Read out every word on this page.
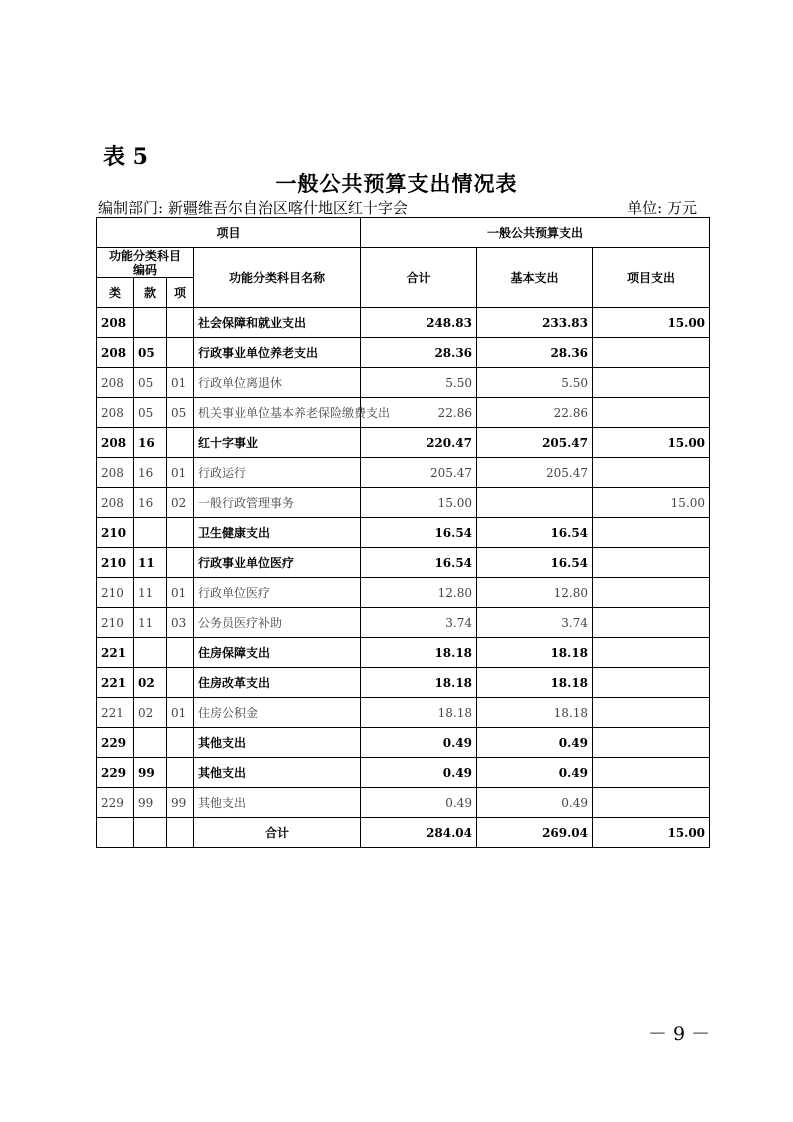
表 5
一般公共预算支出情况表
编制部门: 新疆维吾尔自治区喀什地区红十字会	单位: 万元
项目				一般公共预算支出		

功能分类科目
编码			功能分类科目名称	合计	基本支出	项目支出
类	款	项				
208			社会保障和就业支出	248.83	233.83	15.00
208	05		行政事业单位养老支出	28.36	28.36	
208	05	01	行政单位离退休	5.50	5.50	
208	05	05	机关事业单位基本养老保险缴费支出	22.86	22.86	
208	16		红十字事业	220.47	205.47	15.00
208	16	01	行政运行	205.47	205.47	
208	16	02	一般行政管理事务	15.00		15.00
210			卫生健康支出	16.54	16.54	
210	11		行政事业单位医疗	16.54	16.54	
210	11	01	行政单位医疗	12.80	12.80	
210	11	03	公务员医疗补助	3.74	3.74	
221			住房保障支出	18.18	18.18	
221	02		住房改革支出	18.18	18.18	
221	02	01	住房公积金	18.18	18.18	
229			其他支出	0.49	0.49	
229	99		其他支出	0.49	0.49	
229	99	99	其他支出	0.49	0.49	
			合计	284.04	269.04	15.00
－ 9 －
